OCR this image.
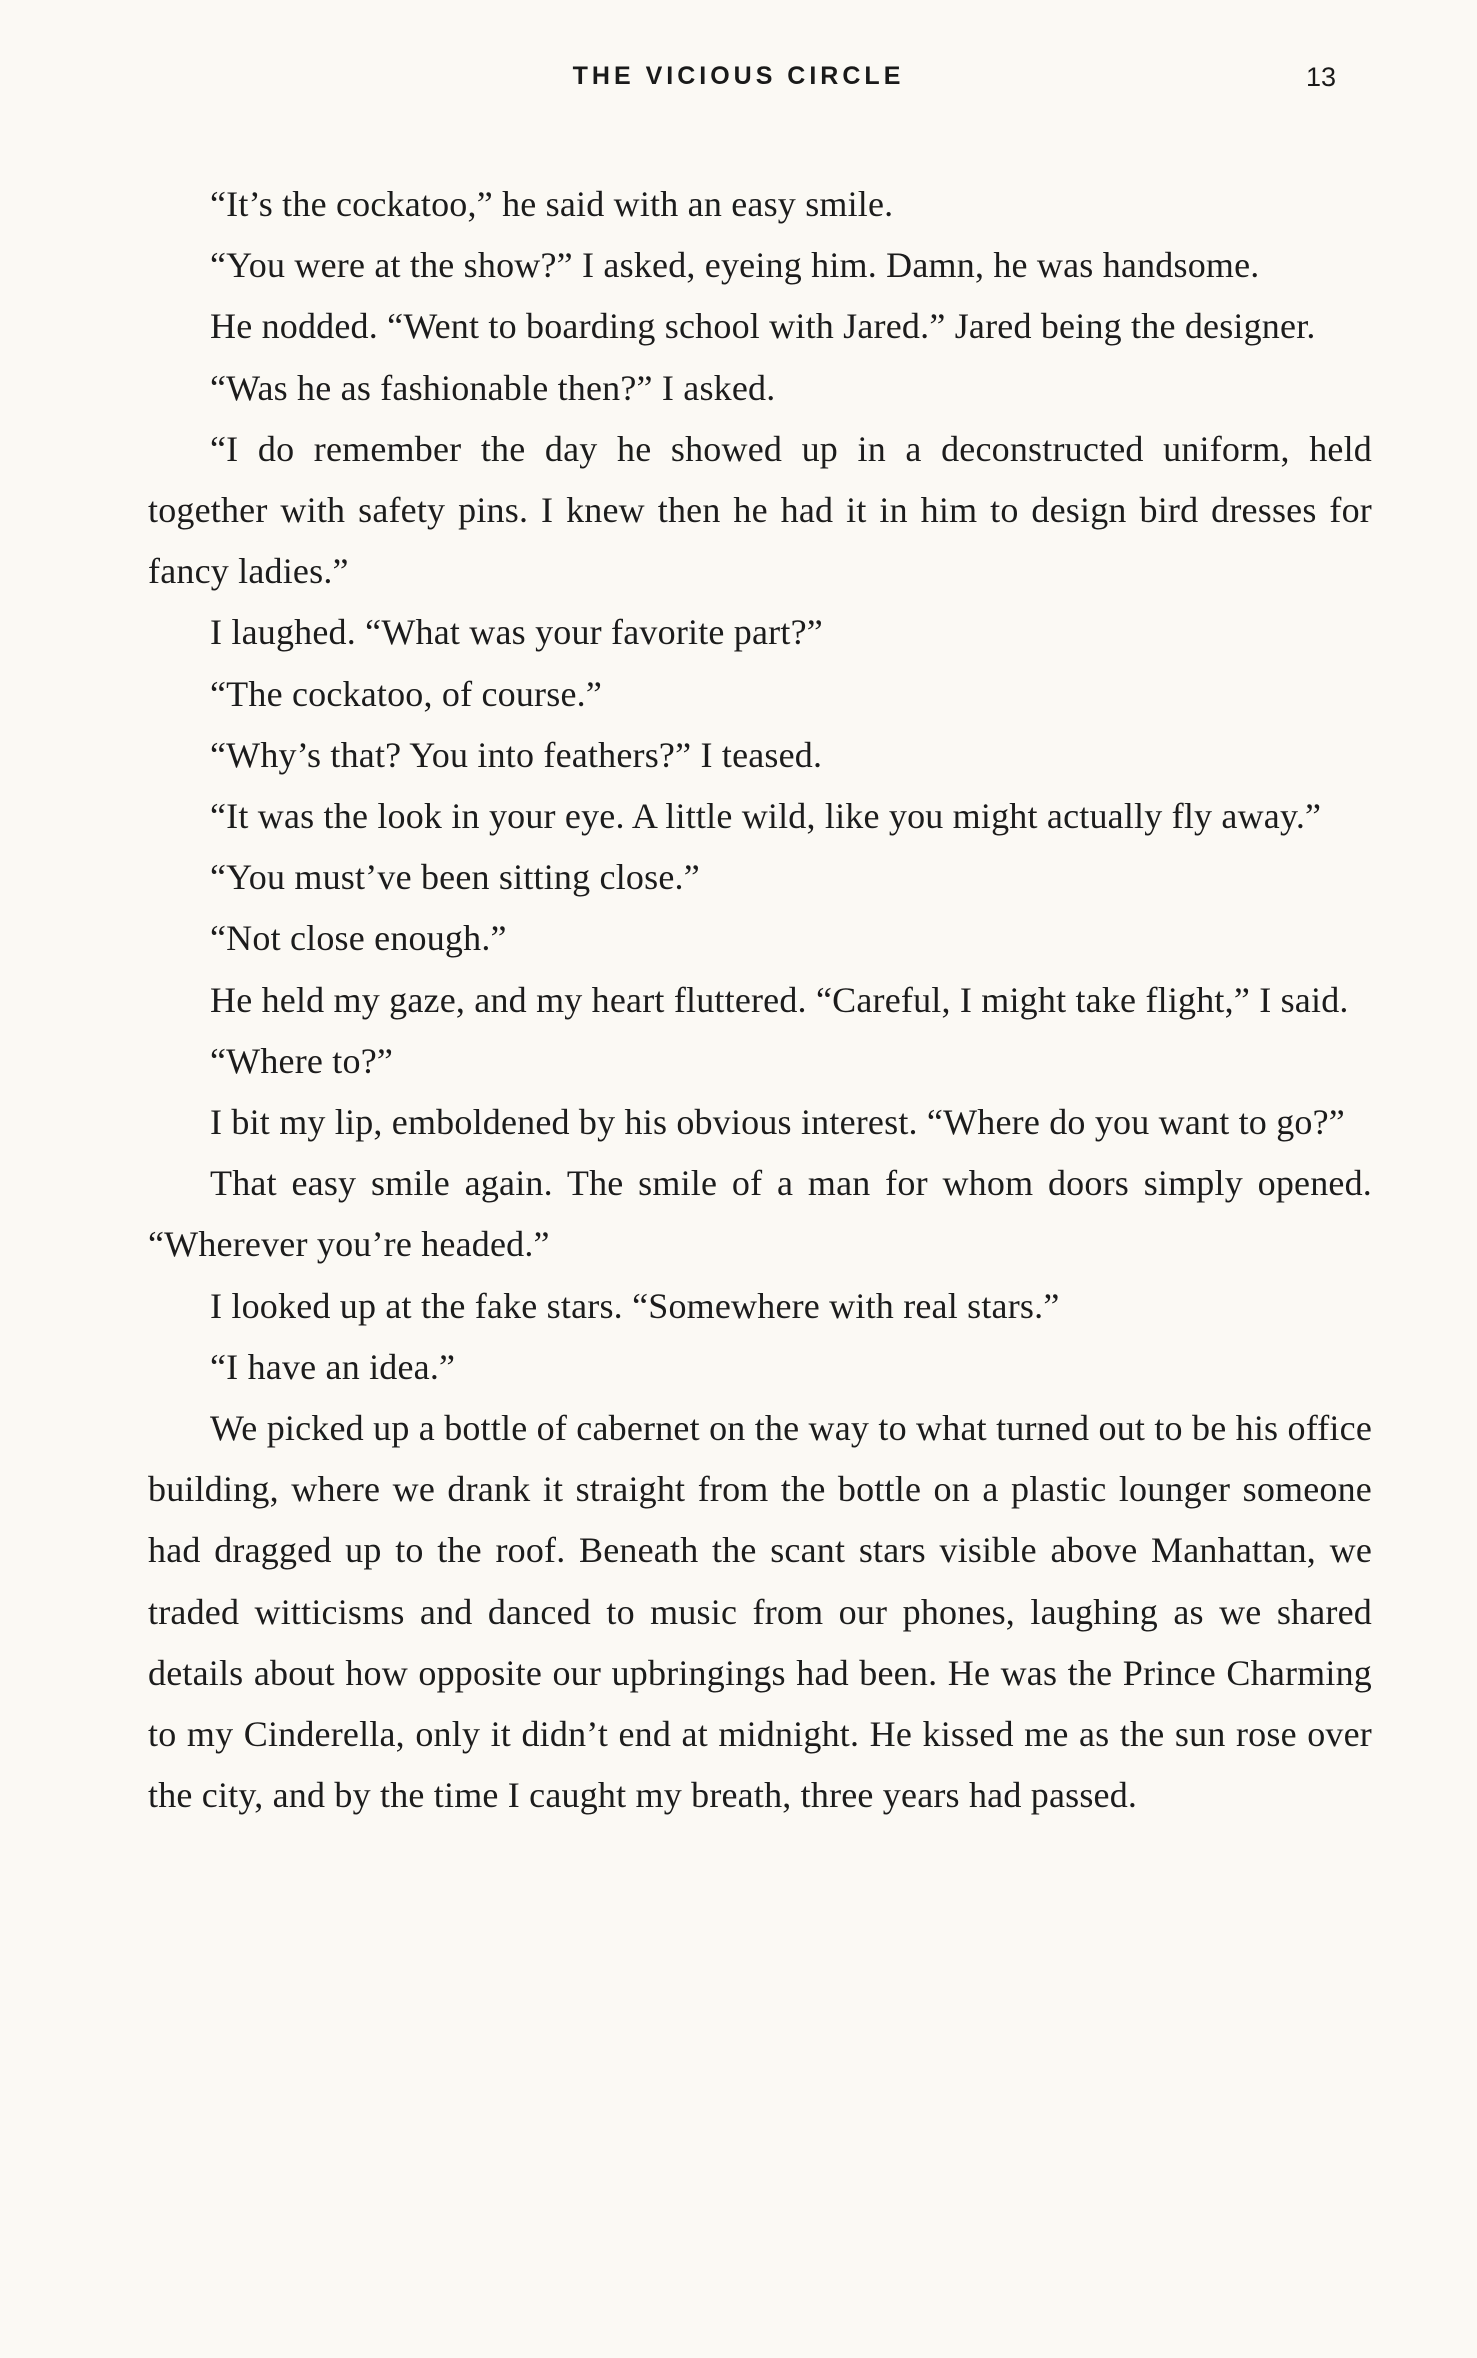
THE VICIOUS CIRCLE	13

“It’s the cockatoo,” he said with an easy smile.

“You were at the show?” I asked, eyeing him. Damn, he was handsome.

He nodded. “Went to boarding school with Jared.” Jared being the designer.

“Was he as fashionable then?” I asked.

“I do remember the day he showed up in a deconstructed uniform, held together with safety pins. I knew then he had it in him to design bird dresses for fancy ladies.”

I laughed. “What was your favorite part?”

“The cockatoo, of course.”

“Why’s that? You into feathers?” I teased.

“It was the look in your eye. A little wild, like you might actually fly away.”

“You must’ve been sitting close.”

“Not close enough.”

He held my gaze, and my heart fluttered. “Careful, I might take flight,” I said.

“Where to?”

I bit my lip, emboldened by his obvious interest. “Where do you want to go?”

That easy smile again. The smile of a man for whom doors simply opened. “Wherever you’re headed.”

I looked up at the fake stars. “Somewhere with real stars.”

“I have an idea.”

We picked up a bottle of cabernet on the way to what turned out to be his office building, where we drank it straight from the bottle on a plastic lounger someone had dragged up to the roof. Beneath the scant stars visible above Manhattan, we traded witticisms and danced to music from our phones, laughing as we shared details about how opposite our upbringings had been. He was the Prince Charming to my Cinderella, only it didn’t end at midnight. He kissed me as the sun rose over the city, and by the time I caught my breath, three years had passed.
